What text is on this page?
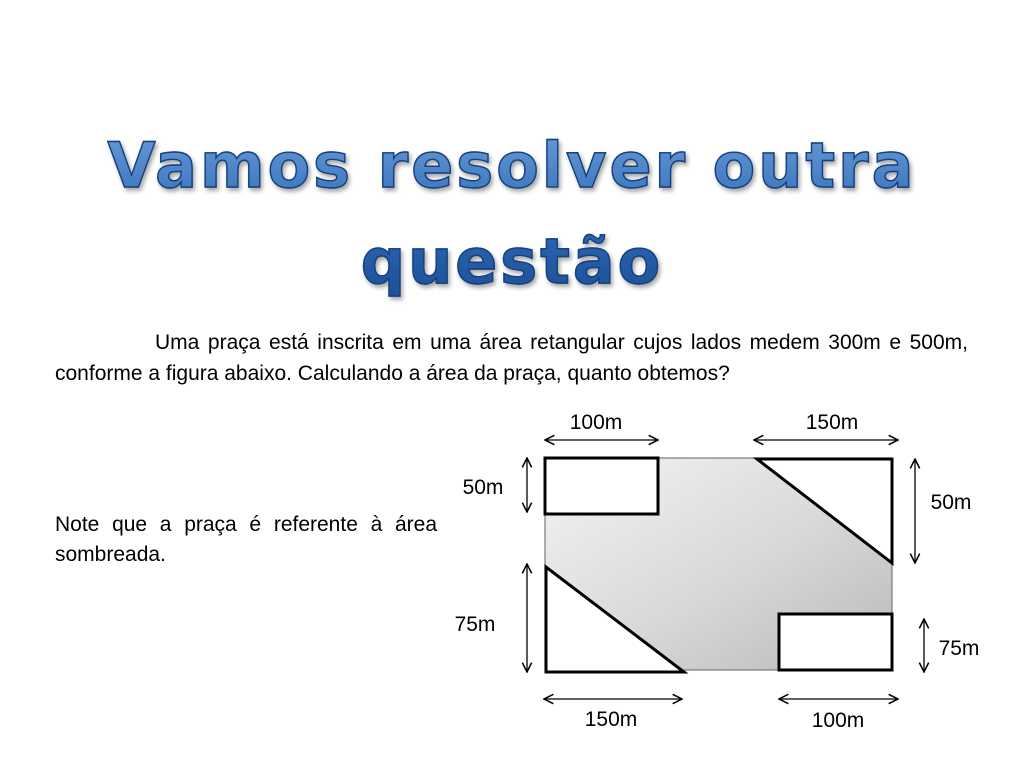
Vamos resolver outra questão

Uma praça está inscrita em uma área retangular cujos lados medem 300m e 500m, conforme a figura abaixo. Calculando a área da praça, quanto obtemos?

Note que a praça é referente à área sombreada.

100m	150m
50m
50m
75m
75m
150m	100m
